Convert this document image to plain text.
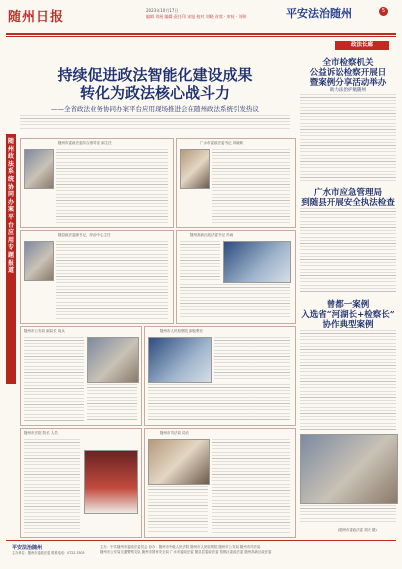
随州日报	2023年10月17日
编辑 刘展 编辑·责任印 宋旭 校对 刘晓 首席 · 审检 · 刘伟	平安法治随州	5
政法长廊
持续促进政法智能化建设成果
转化为政法核心战斗力
——全省政法业务协同办案平台应用现场推进会在随州政法系统引发热议
随州政法系统协同办案平台应用专题报道
随州市委政法委综合指导室 副主任	广水市委政法委书记 刘晓莉
随县政法委副书记、综治中心主任	随州高新区政法委书记 冯雨
随州市公安局 副局长 周兵	随州市人民检察院 副检察长
随州市法院 院长 人员	随州市司法局 局长
全市检察机关
公益诉讼检察开展日
暨案例分享活动举办
助力法治护航随州
广水市应急管理局
到随县开展安全执法检查
曾都一案例
入选省“河湖长+检察长”
协作典型案例
(随州市委政法委 胡天 摄)
平安法治随州
主办单位：随州市委政法委 联系电话：0722-3303
主办：中共随州市委政法委员会 协办：随州市中级人民法院 随州市人民检察院 随州市公安局 随州市司法局
随州市公安局交通警察支队 随州市国家安全局 广水市委政法委 随县县委政法委 曾都区委政法委 随州高新区政法委
